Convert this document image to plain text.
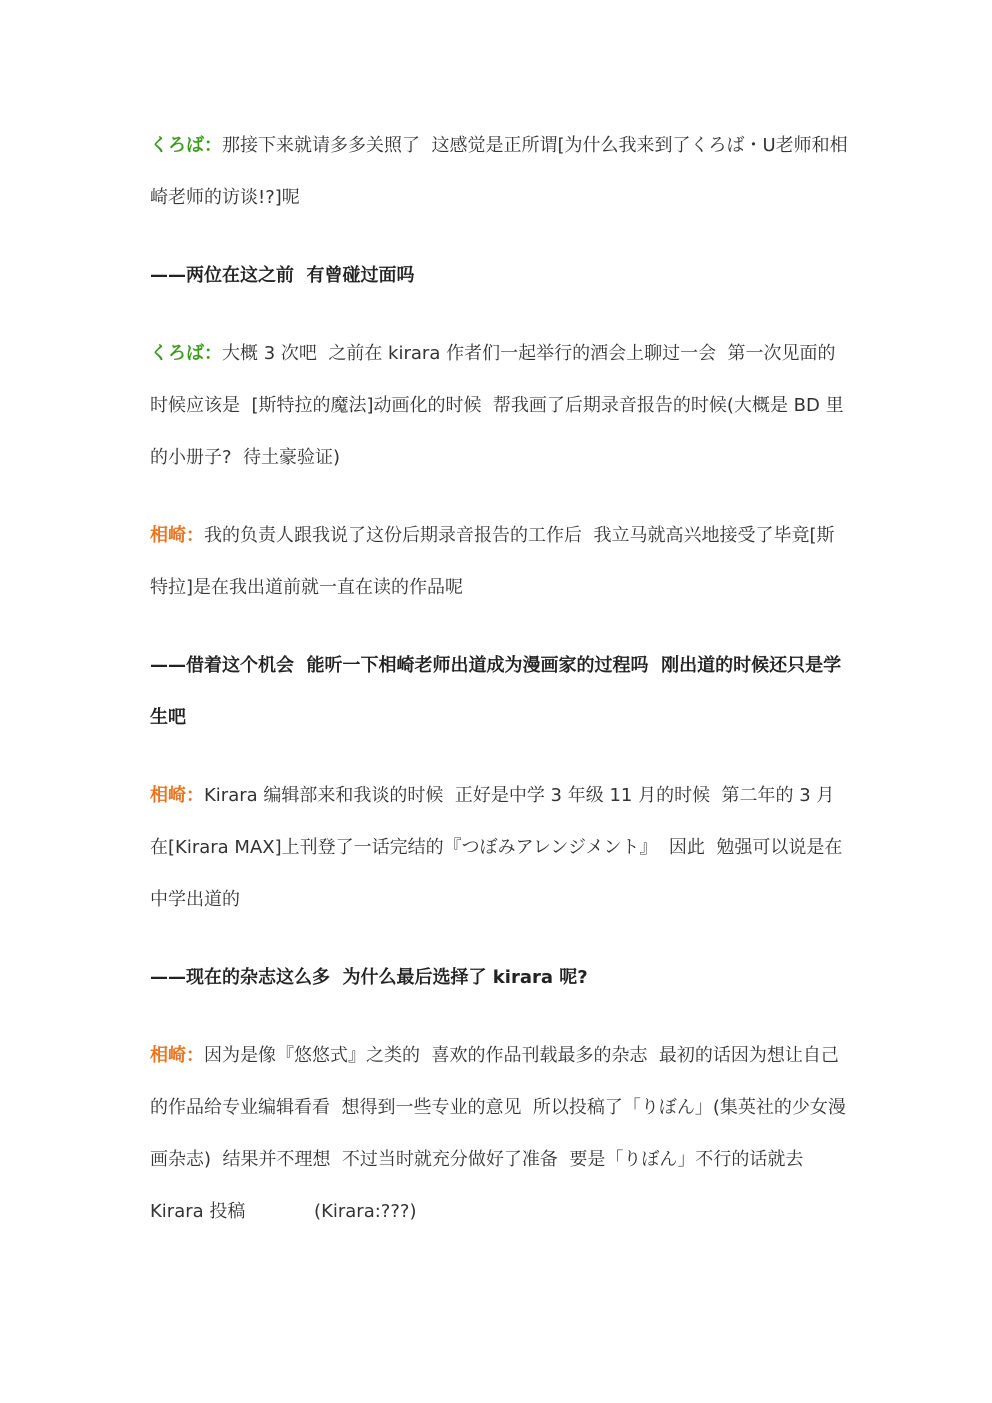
くろば：那接下来就请多多关照了  这感觉是正所谓[为什么我来到了くろば・U老师和相崎老师的访谈!?]呢

——两位在这之前  有曾碰过面吗

くろば：大概 3 次吧  之前在 kirara 作者们一起举行的酒会上聊过一会  第一次见面的时候应该是  [斯特拉的魔法]动画化的时候  帮我画了后期录音报告的时候(大概是 BD 里的小册子?  待土豪验证)

相崎：我的负责人跟我说了这份后期录音报告的工作后  我立马就高兴地接受了毕竟[斯特拉]是在我出道前就一直在读的作品呢

——借着这个机会  能听一下相崎老师出道成为漫画家的过程吗  刚出道的时候还只是学生吧

相崎：Kirara 编辑部来和我谈的时候  正好是中学 3 年级 11 月的时候  第二年的 3 月在[Kirara MAX]上刊登了一话完结的『つぼみアレンジメント』  因此  勉强可以说是在中学出道的

——现在的杂志这么多  为什么最后选择了 kirara 呢?

相崎：因为是像『悠悠式』之类的  喜欢的作品刊载最多的杂志  最初的话因为想让自己的作品给专业编辑看看  想得到一些专业的意见  所以投稿了「りぼん」(集英社的少女漫画杂志)  结果并不理想  不过当时就充分做好了准备  要是「りぼん」不行的话就去 Kirara 投稿            (Kirara:???)
